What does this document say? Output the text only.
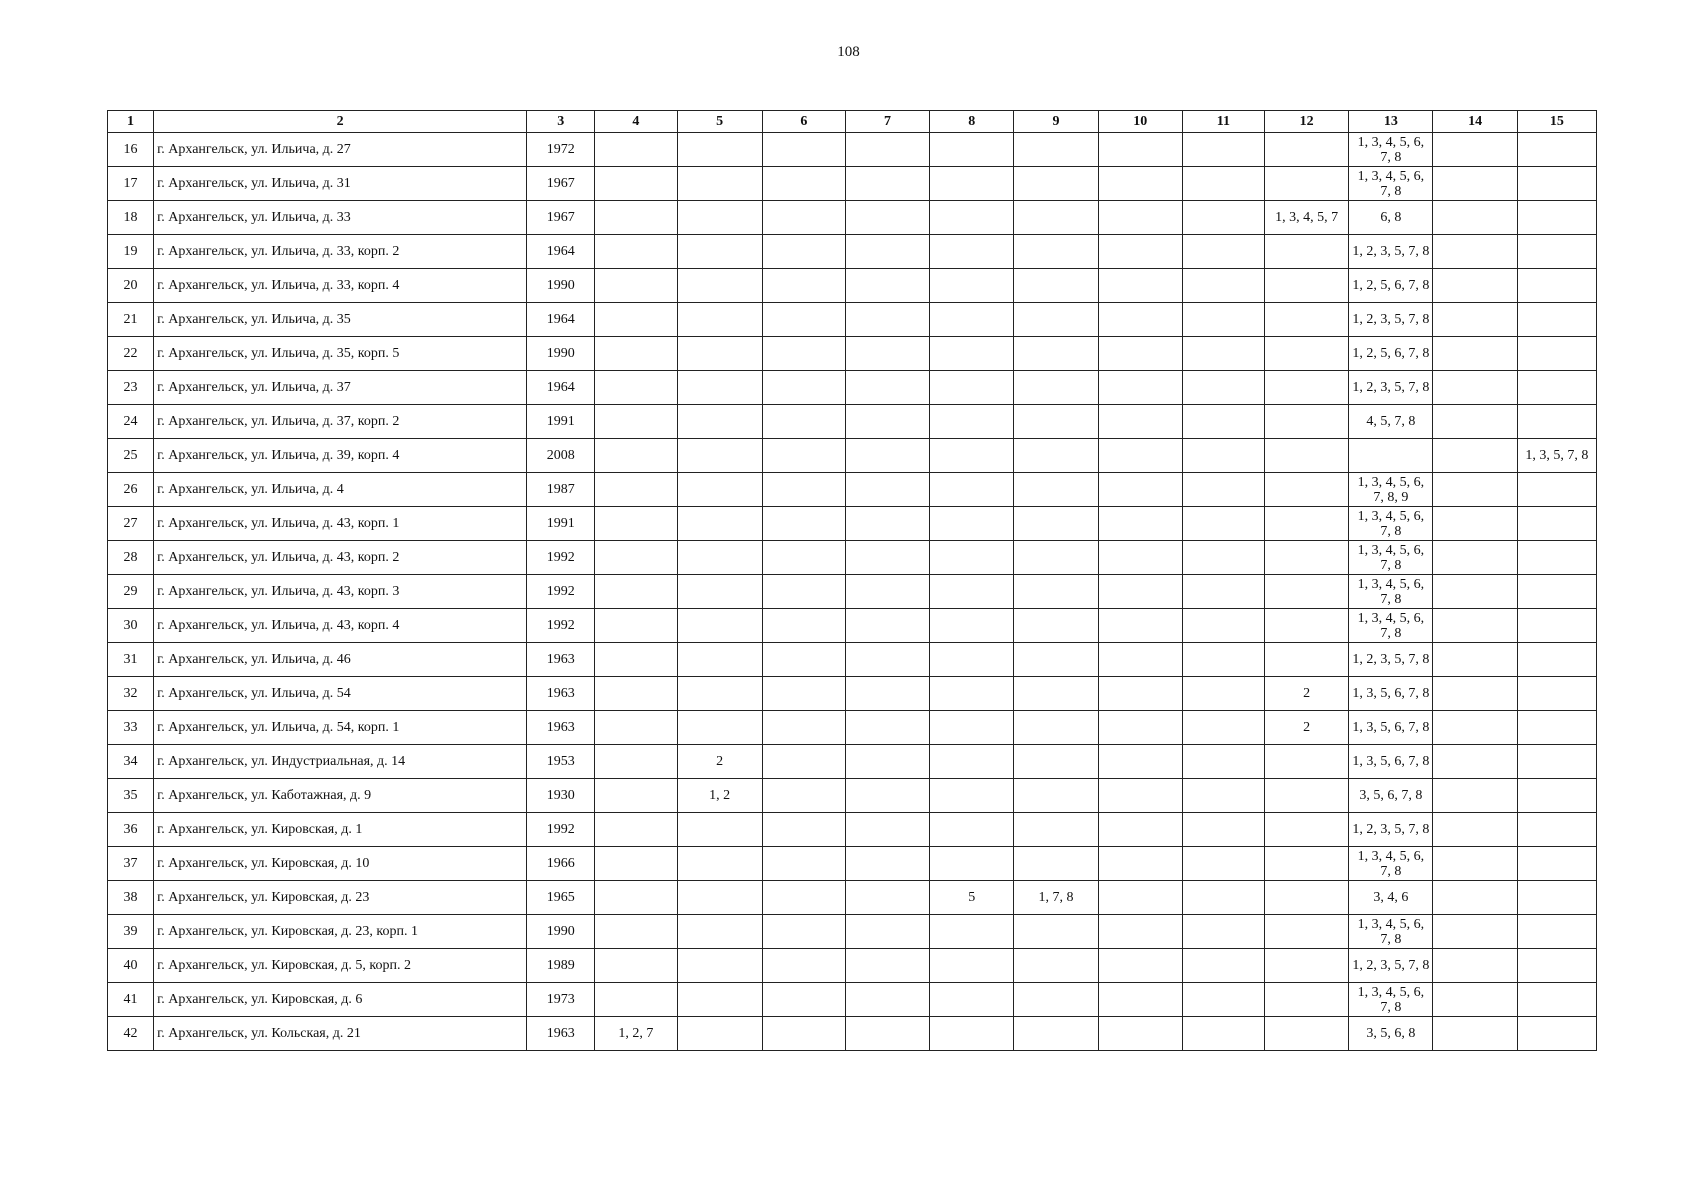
108
1	2	3	4	5	6	7	8	9	10	11	12	13	14	15
16	г. Архангельск, ул. Ильича, д. 27	1972										1, 3, 4, 5, 6, 7, 8		
17	г. Архангельск, ул. Ильича, д. 31	1967										1, 3, 4, 5, 6, 7, 8		
18	г. Архангельск, ул. Ильича, д. 33	1967									1, 3, 4, 5, 7	6, 8		
19	г. Архангельск, ул. Ильича, д. 33, корп. 2	1964										1, 2, 3, 5, 7, 8		
20	г. Архангельск, ул. Ильича, д. 33, корп. 4	1990										1, 2, 5, 6, 7, 8		
21	г. Архангельск, ул. Ильича, д. 35	1964										1, 2, 3, 5, 7, 8		
22	г. Архангельск, ул. Ильича, д. 35, корп. 5	1990										1, 2, 5, 6, 7, 8		
23	г. Архангельск, ул. Ильича, д. 37	1964										1, 2, 3, 5, 7, 8		
24	г. Архангельск, ул. Ильича, д. 37, корп. 2	1991										4, 5, 7, 8		
25	г. Архангельск, ул. Ильича, д. 39, корп. 4	2008												1, 3, 5, 7, 8
26	г. Архангельск, ул. Ильича, д. 4	1987										1, 3, 4, 5, 6, 7, 8, 9		
27	г. Архангельск, ул. Ильича, д. 43, корп. 1	1991										1, 3, 4, 5, 6, 7, 8		
28	г. Архангельск, ул. Ильича, д. 43, корп. 2	1992										1, 3, 4, 5, 6, 7, 8		
29	г. Архангельск, ул. Ильича, д. 43, корп. 3	1992										1, 3, 4, 5, 6, 7, 8		
30	г. Архангельск, ул. Ильича, д. 43, корп. 4	1992										1, 3, 4, 5, 6, 7, 8		
31	г. Архангельск, ул. Ильича, д. 46	1963										1, 2, 3, 5, 7, 8		
32	г. Архангельск, ул. Ильича, д. 54	1963									2	1, 3, 5, 6, 7, 8		
33	г. Архангельск, ул. Ильича, д. 54, корп. 1	1963									2	1, 3, 5, 6, 7, 8		
34	г. Архангельск, ул. Индустриальная, д. 14	1953		2								1, 3, 5, 6, 7, 8		
35	г. Архангельск, ул. Каботажная, д. 9	1930		1, 2								3, 5, 6, 7, 8		
36	г. Архангельск, ул. Кировская, д. 1	1992										1, 2, 3, 5, 7, 8		
37	г. Архангельск, ул. Кировская, д. 10	1966										1, 3, 4, 5, 6, 7, 8		
38	г. Архангельск, ул. Кировская, д. 23	1965					5	1, 7, 8				3, 4, 6		
39	г. Архангельск, ул. Кировская, д. 23, корп. 1	1990										1, 3, 4, 5, 6, 7, 8		
40	г. Архангельск, ул. Кировская, д. 5, корп. 2	1989										1, 2, 3, 5, 7, 8		
41	г. Архангельск, ул. Кировская, д. 6	1973										1, 3, 4, 5, 6, 7, 8		
42	г. Архангельск, ул. Кольская, д. 21	1963	1, 2, 7									3, 5, 6, 8		
